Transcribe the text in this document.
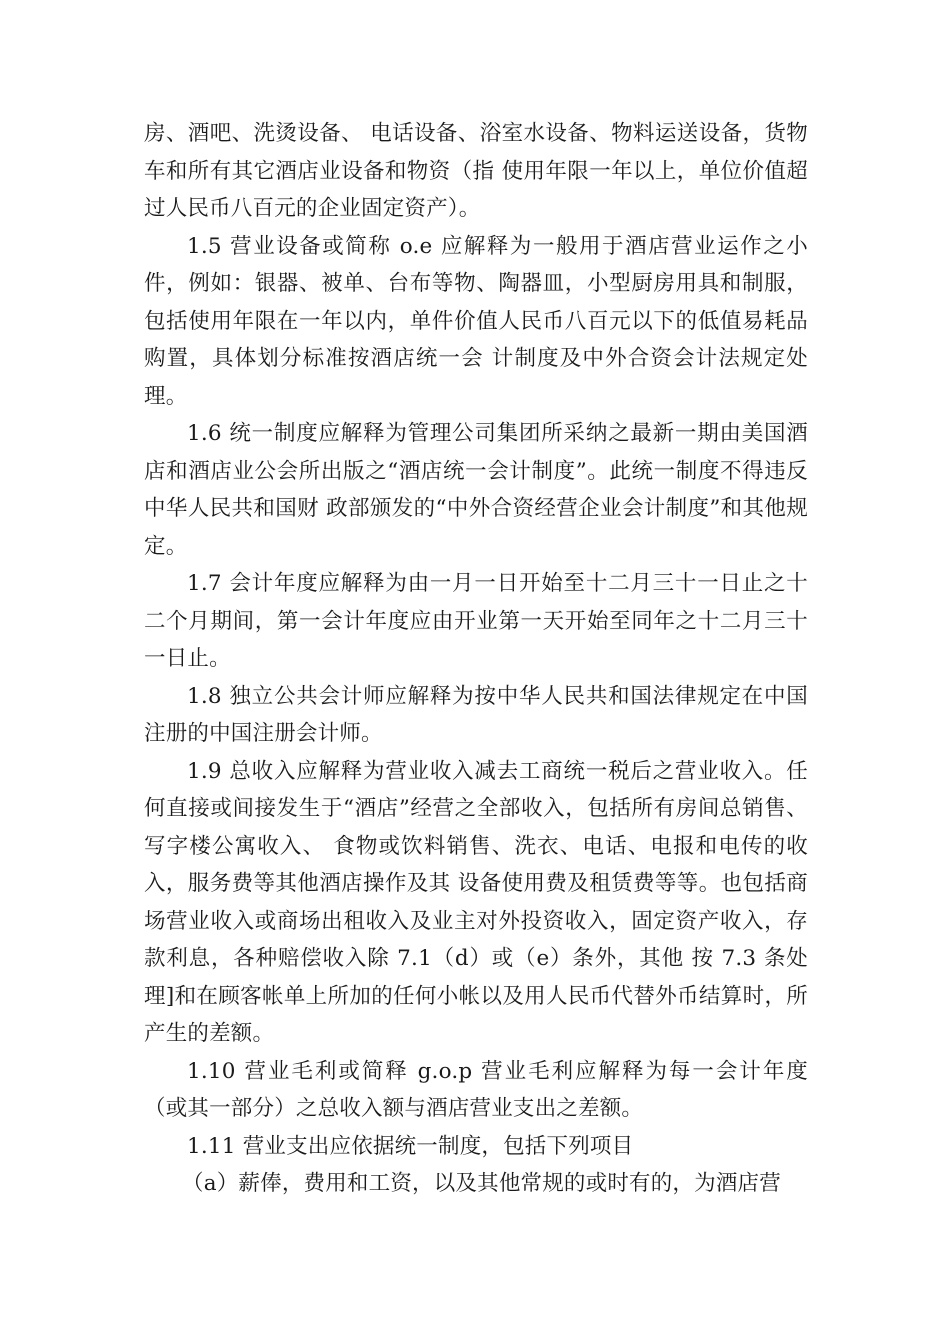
房、酒吧、洗烫设备、 电话设备、浴室水设备、物料运送设备，货物车和所有其它酒店业设备和物资（指 使用年限一年以上，单位价值超过人民币八百元的企业固定资产）。

1.5 营业设备或简称 o.e 应解释为一般用于酒店营业运作之小件，例如：银器、被单、台布等物、陶器皿，小型厨房用具和制服，包括使用年限在一年以内，单件价值人民币八百元以下的低值易耗品购置，具体划分标准按酒店统一会 计制度及中外合资会计法规定处理。

1.6 统一制度应解释为管理公司集团所采纳之最新一期由美国酒店和酒店业公会所出版之“酒店统一会计制度”。此统一制度不得违反中华人民共和国财 政部颁发的“中外合资经营企业会计制度”和其他规定。

1.7 会计年度应解释为由一月一日开始至十二月三十一日止之十二个月期间，第一会计年度应由开业第一天开始至同年之十二月三十一日止。

1.8 独立公共会计师应解释为按中华人民共和国法律规定在中国注册的中国注册会计师。

1.9 总收入应解释为营业收入减去工商统一税后之营业收入。任何直接或间接发生于“酒店”经营之全部收入，包括所有房间总销售、写字楼公寓收入、 食物或饮料销售、洗衣、电话、电报和电传的收入，服务费等其他酒店操作及其 设备使用费及租赁费等等。也包括商场营业收入或商场出租收入及业主对外投资收入，固定资产收入，存款利息，各种赔偿收入除 7.1（d）或（e）条外，其他 按 7.3 条处理]和在顾客帐单上所加的任何小帐以及用人民币代替外币结算时，所 产生的差额。

1.10 营业毛利或简释 g.o.p 营业毛利应解释为每一会计年度（或其一部分）之总收入额与酒店营业支出之差额。

1.11 营业支出应依据统一制度，包括下列项目

（a）薪俸，费用和工资，以及其他常规的或时有的，为酒店营
